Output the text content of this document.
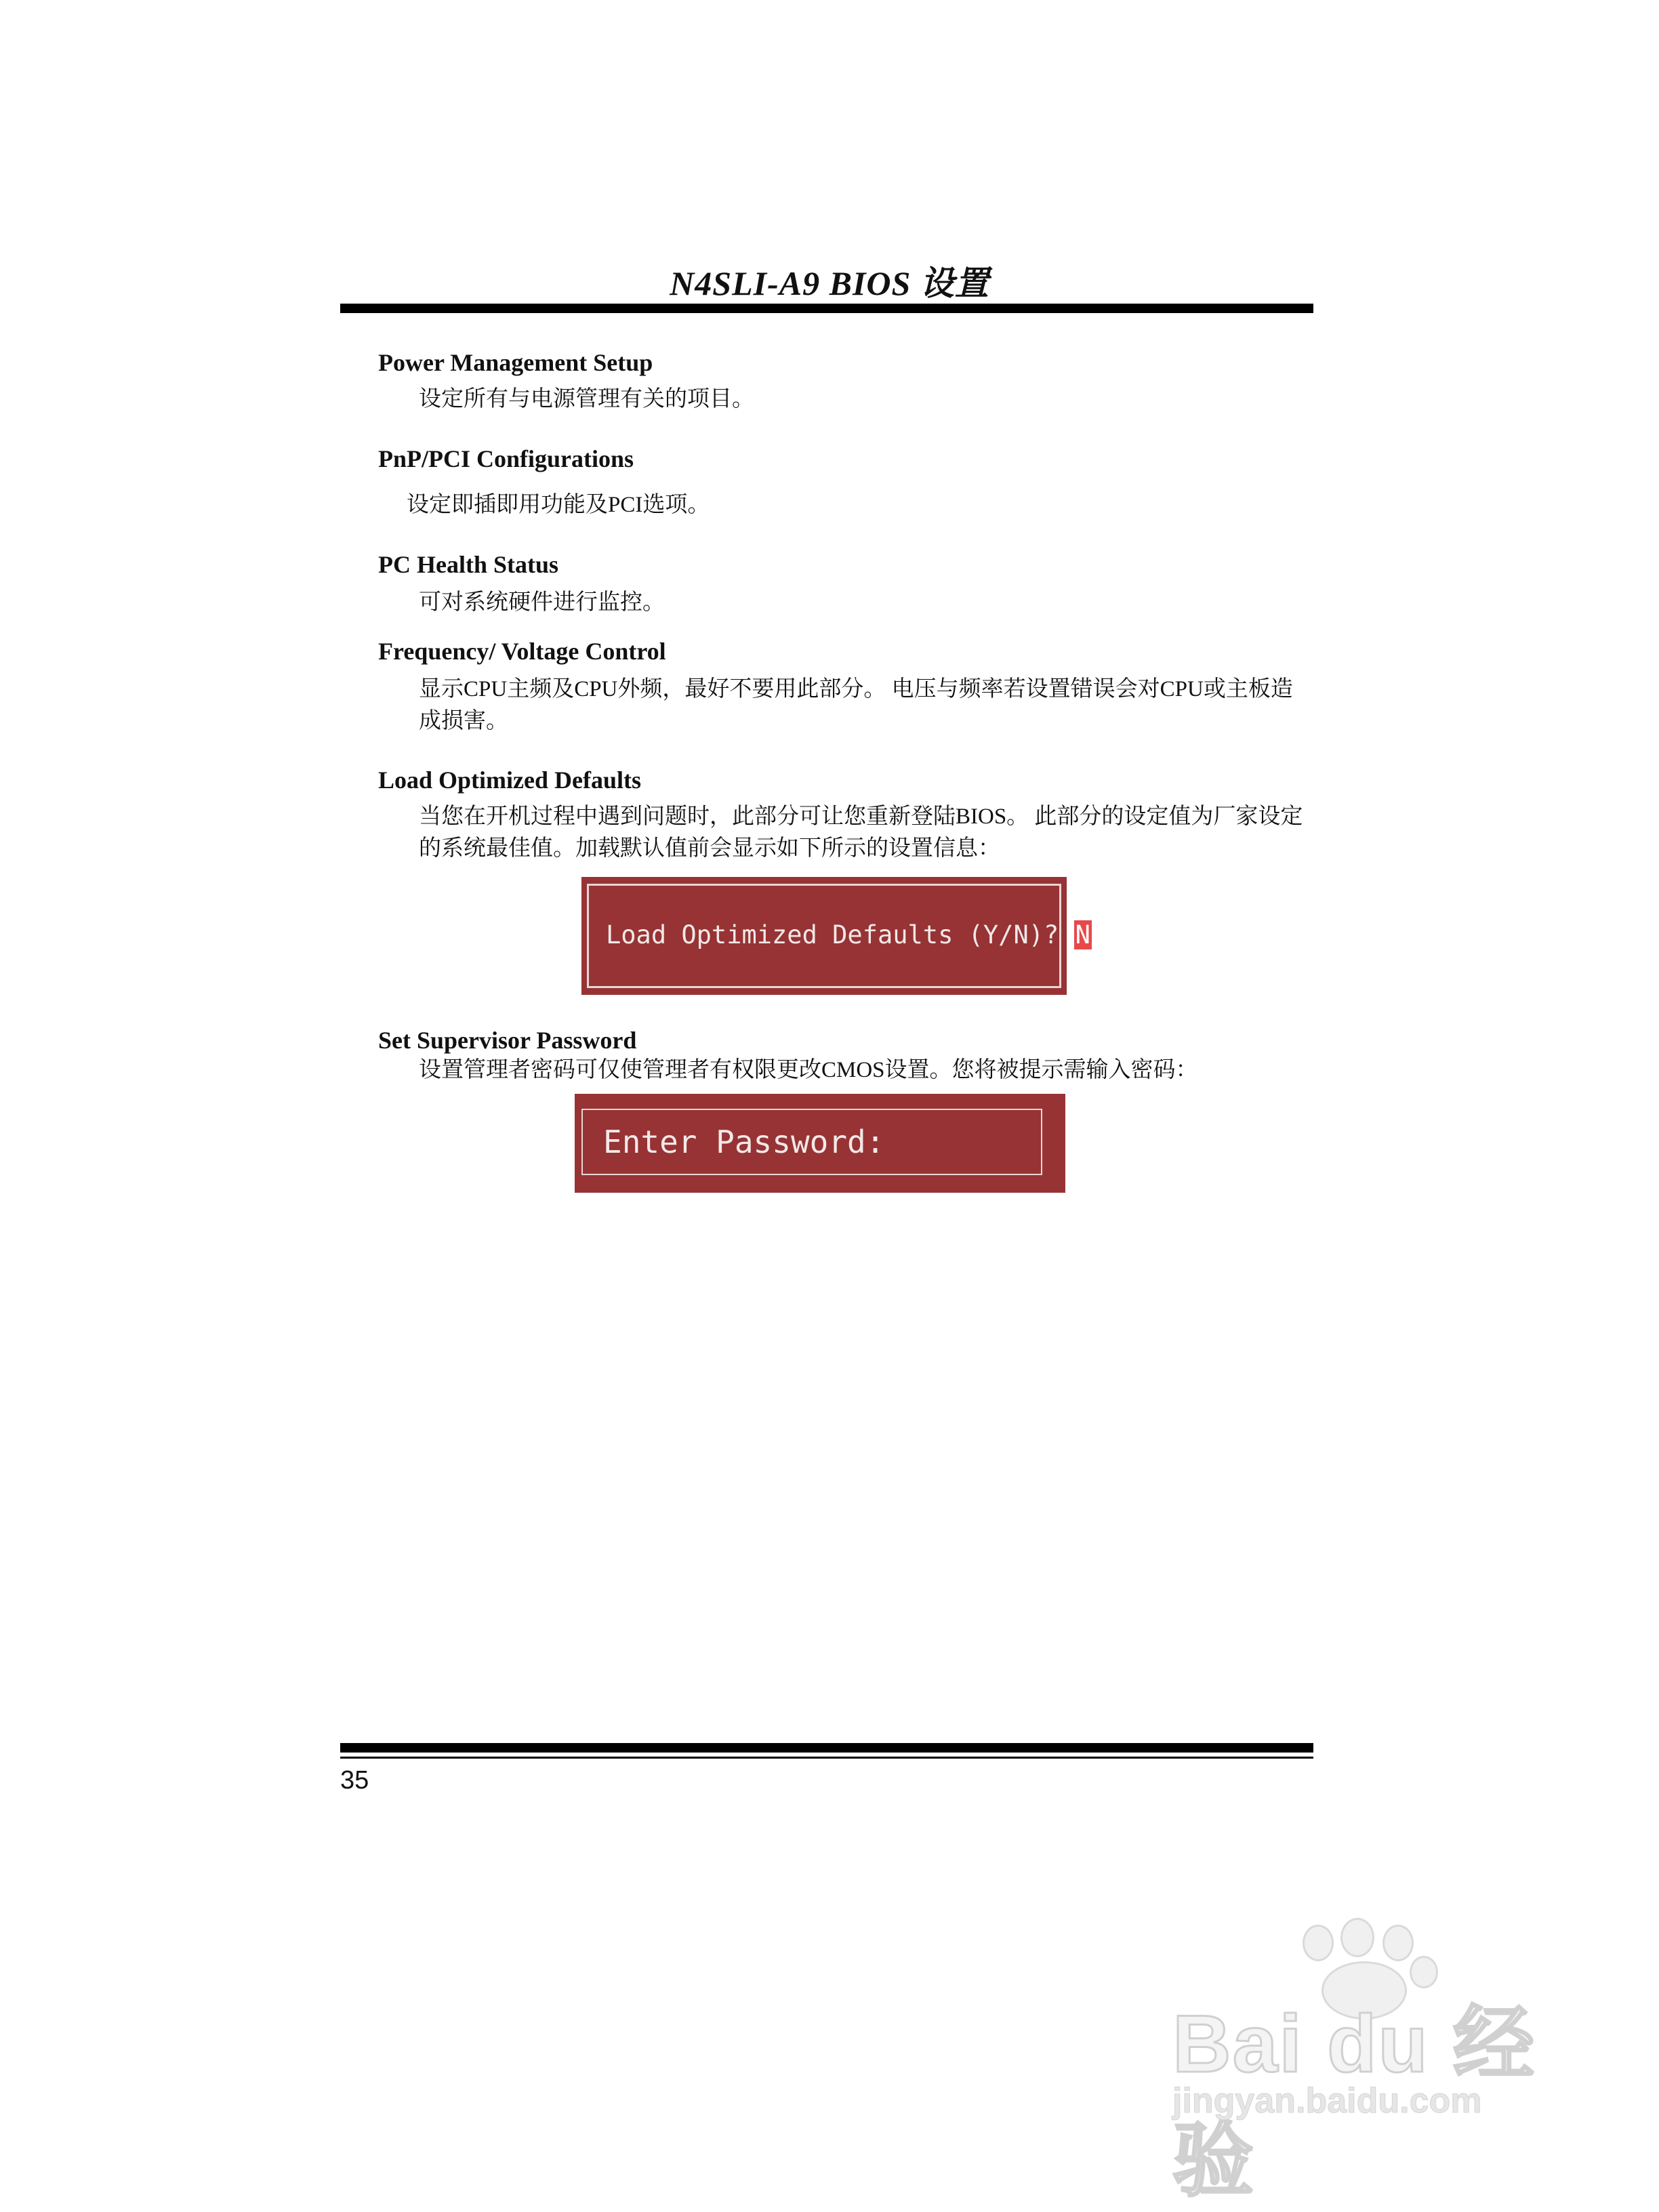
N4SLI-A9 BIOS 设置
Power Management Setup
设定所有与电源管理有关的项目。
PnP/PCI Configurations
设定即插即用功能及PCI选项。
PC Health Status
可对系统硬件进行监控。
Frequency/ Voltage Control
显示CPU主频及CPU外频，最好不要用此部分。 电压与频率若设置错误会对CPU或主板造成损害。
Load Optimized Defaults
当您在开机过程中遇到问题时，此部分可让您重新登陆BIOS。 此部分的设定值为厂家设定的系统最佳值。加载默认值前会显示如下所示的设置信息：
Load Optimized Defaults (Y/N)? N
Set Supervisor Password
设置管理者密码可仅使管理者有权限更改CMOS设置。您将被提示需输入密码：
Enter Password:
35
Bai du 经验
jingyan.baidu.com
